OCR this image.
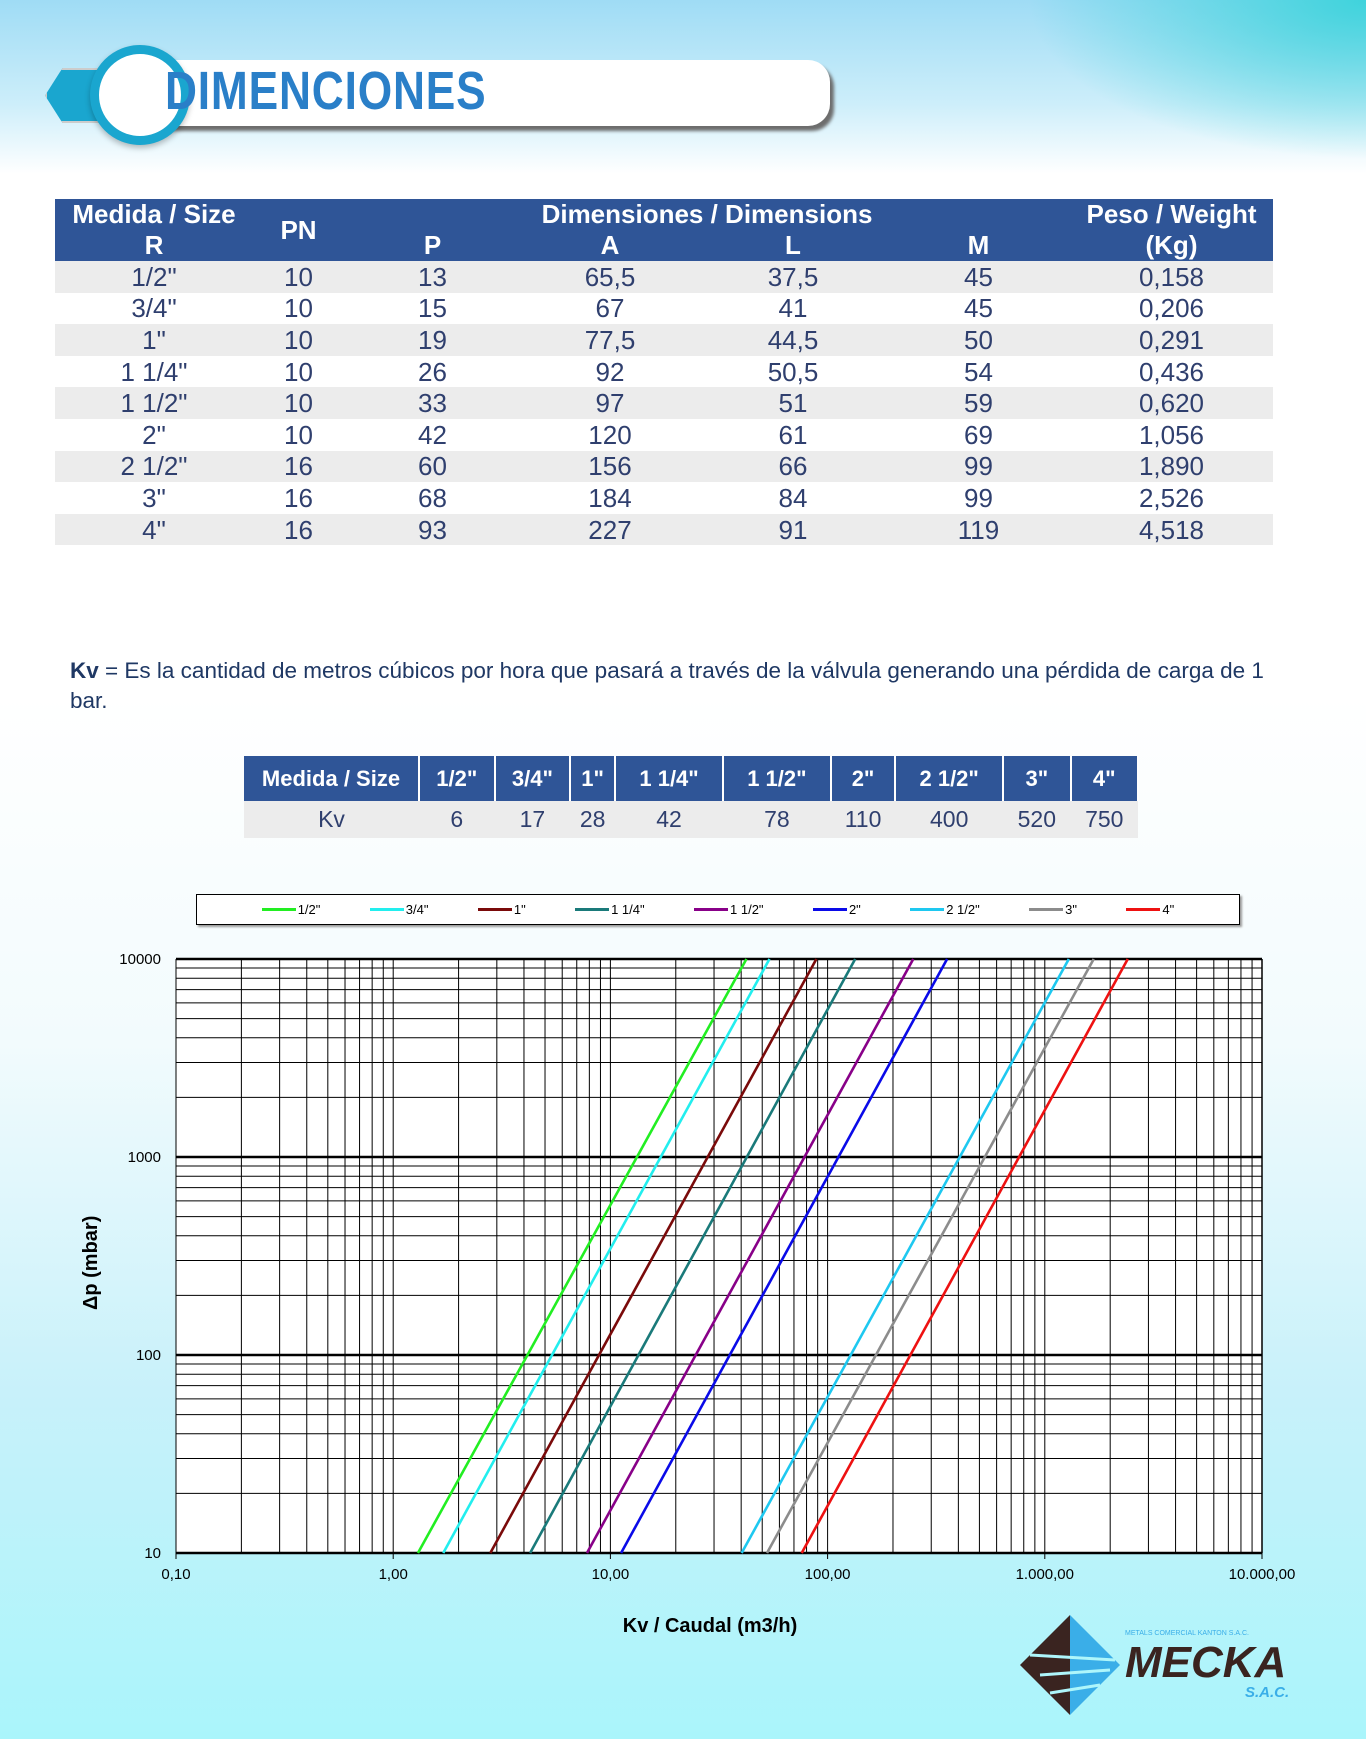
DIMENCIONES
Medida / Size	PN	Dimensiones / Dimensions				Peso / Weight
R		P	A	L	M	(Kg)
1/2"	10	13	65,5	37,5	45	0,158
3/4"	10	15	67	41	45	0,206
1"	10	19	77,5	44,5	50	0,291
1 1/4"	10	26	92	50,5	54	0,436
1 1/2"	10	33	97	51	59	0,620
2"	10	42	120	61	69	1,056
2 1/2"	16	60	156	66	99	1,890
3"	16	68	184	84	99	2,526
4"	16	93	227	91	119	4,518

Kv = Es la cantidad de metros cúbicos por hora que pasará a través de la válvula generando una pérdida de carga de 1 bar.

Medida / Size	1/2"	3/4"	1"	1 1/4"	1 1/2"	2"	2 1/2"	3"	4"
Kv	6	17	28	42	78	110	400	520	750
1/2"	3/4"	1"	1 1/4"	1 1/2"	2"	2 1/2"	3"	4"
10
100
1000
10000
0,10	1,00	10,00	100,00	1.000,00	10.000,00
Δp (mbar)
Kv / Caudal (m3/h)	METALS COMERCIAL KANTON S.A.C.
MECKA
S.A.C.
